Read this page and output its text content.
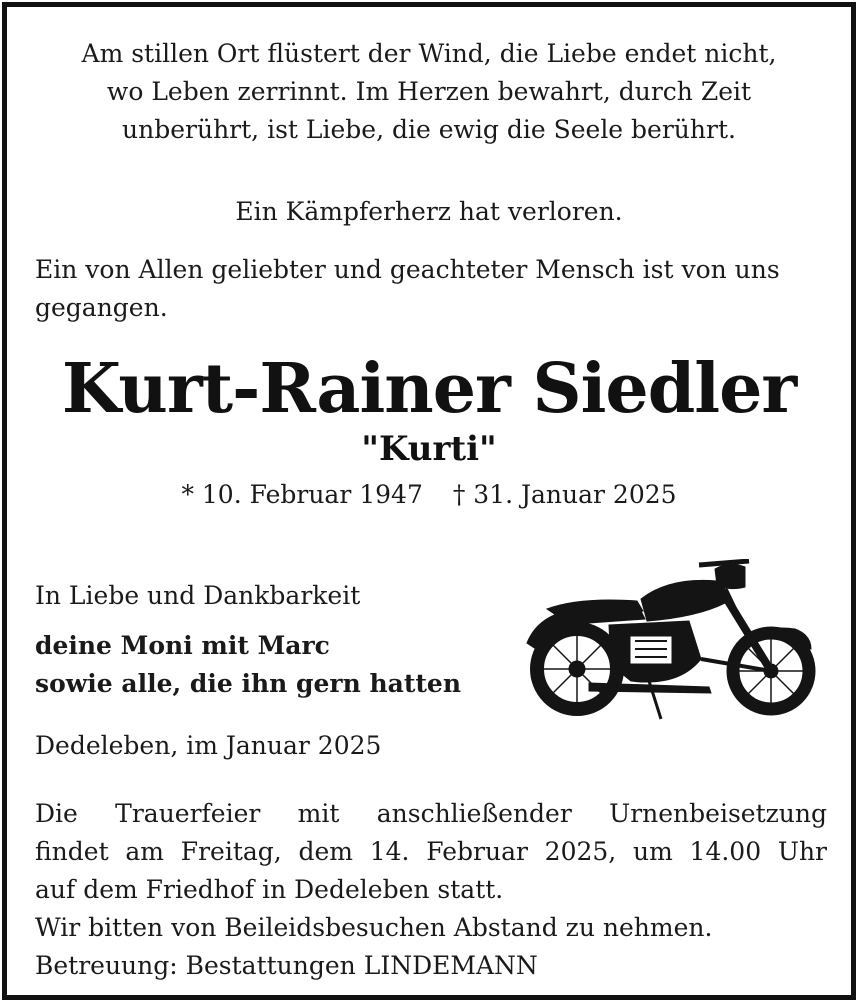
Am stillen Ort flüstert der Wind, die Liebe endet nicht,
wo Leben zerrinnt. Im Herzen bewahrt, durch Zeit
unberührt, ist Liebe, die ewig die Seele berührt.
Ein Kämpferherz hat verloren.
Ein von Allen geliebter und geachteter Mensch ist von uns gegangen.
Kurt-Rainer Siedler
"Kurti"
* 10. Februar 1947 † 31. Januar 2025
In Liebe und Dankbarkeit
deine Moni mit Marc
sowie alle, die ihn gern hatten
Dedeleben, im Januar 2025
Die Trauerfeier mit anschließender Urnenbeisetzung
findet am Freitag, dem 14. Februar 2025, um 14.00 Uhr
auf dem Friedhof in Dedeleben statt.
Wir bitten von Beileidsbesuchen Abstand zu nehmen.
Betreuung: Bestattungen LINDEMANN
